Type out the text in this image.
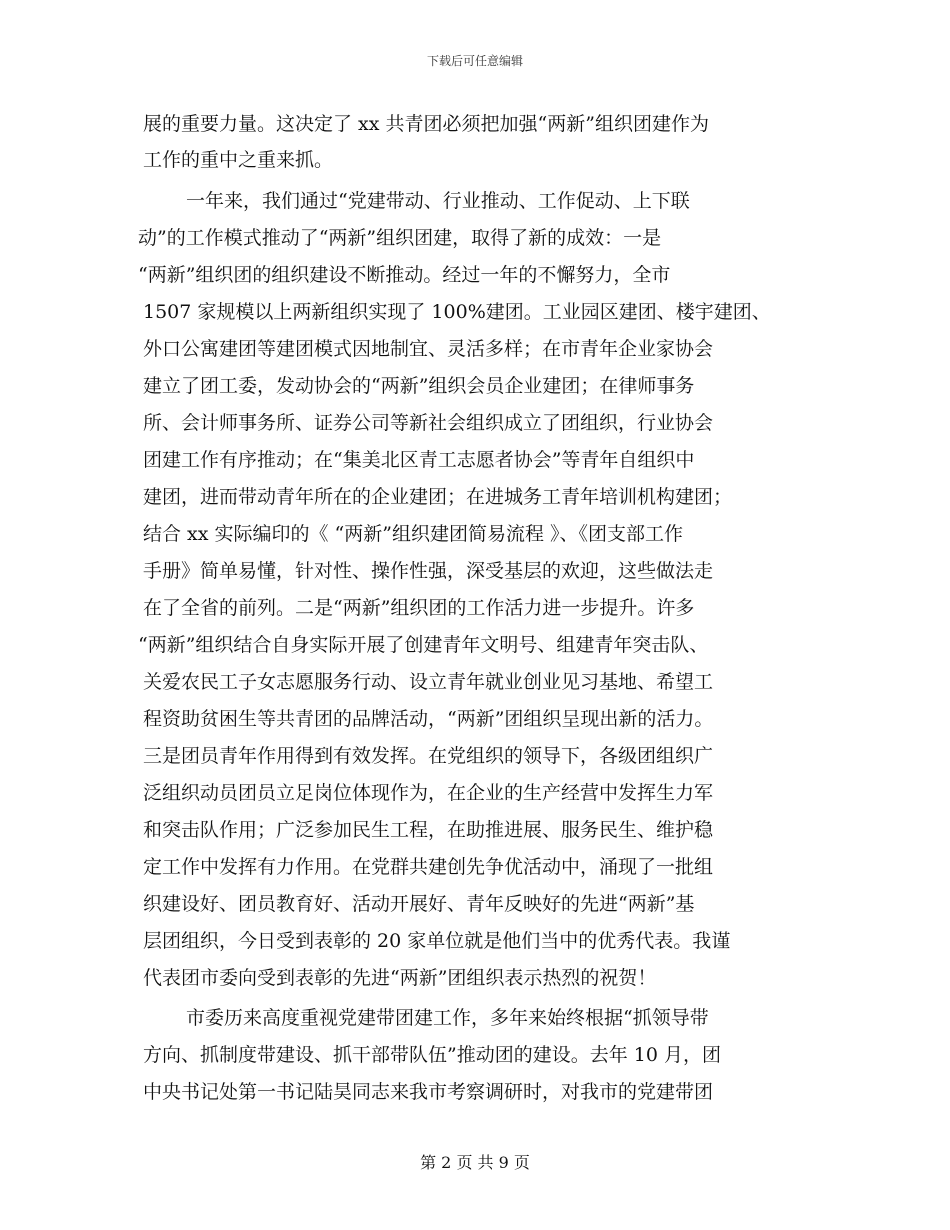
下载后可任意编辑
展的重要力量。这决定了 xx 共青团必须把加强“两新”组织团建作为
工作的重中之重来抓。
一年来，我们通过“党建带动、行业推动、工作促动、上下联
动”的工作模式推动了“两新”组织团建，取得了新的成效：一是
“两新”组织团的组织建设不断推动。经过一年的不懈努力，全市
1507 家规模以上两新组织实现了 100%建团。工业园区建团、楼宇建团、
外口公寓建团等建团模式因地制宜、灵活多样；在市青年企业家协会
建立了团工委，发动协会的“两新”组织会员企业建团；在律师事务
所、会计师事务所、证券公司等新社会组织成立了团组织，行业协会
团建工作有序推动；在“集美北区青工志愿者协会”等青年自组织中
建团，进而带动青年所在的企业建团；在进城务工青年培训机构建团；
结合 xx 实际编印的《 “两新”组织建团简易流程 》、《团支部工作
手册》简单易懂，针对性、操作性强，深受基层的欢迎，这些做法走
在了全省的前列。二是“两新”组织团的工作活力进一步提升。许多
“两新”组织结合自身实际开展了创建青年文明号、组建青年突击队、
关爱农民工子女志愿服务行动、设立青年就业创业见习基地、希望工
程资助贫困生等共青团的品牌活动，“两新”团组织呈现出新的活力。
三是团员青年作用得到有效发挥。在党组织的领导下，各级团组织广
泛组织动员团员立足岗位体现作为，在企业的生产经营中发挥生力军
和突击队作用；广泛参加民生工程，在助推进展、服务民生、维护稳
定工作中发挥有力作用。在党群共建创先争优活动中，涌现了一批组
织建设好、团员教育好、活动开展好、青年反映好的先进“两新”基
层团组织，今日受到表彰的 20 家单位就是他们当中的优秀代表。我谨
代表团市委向受到表彰的先进“两新”团组织表示热烈的祝贺！
市委历来高度重视党建带团建工作，多年来始终根据“抓领导带
方向、抓制度带建设、抓干部带队伍”推动团的建设。去年 10 月，团
中央书记处第一书记陆昊同志来我市考察调研时，对我市的党建带团
第 2 页 共 9 页
